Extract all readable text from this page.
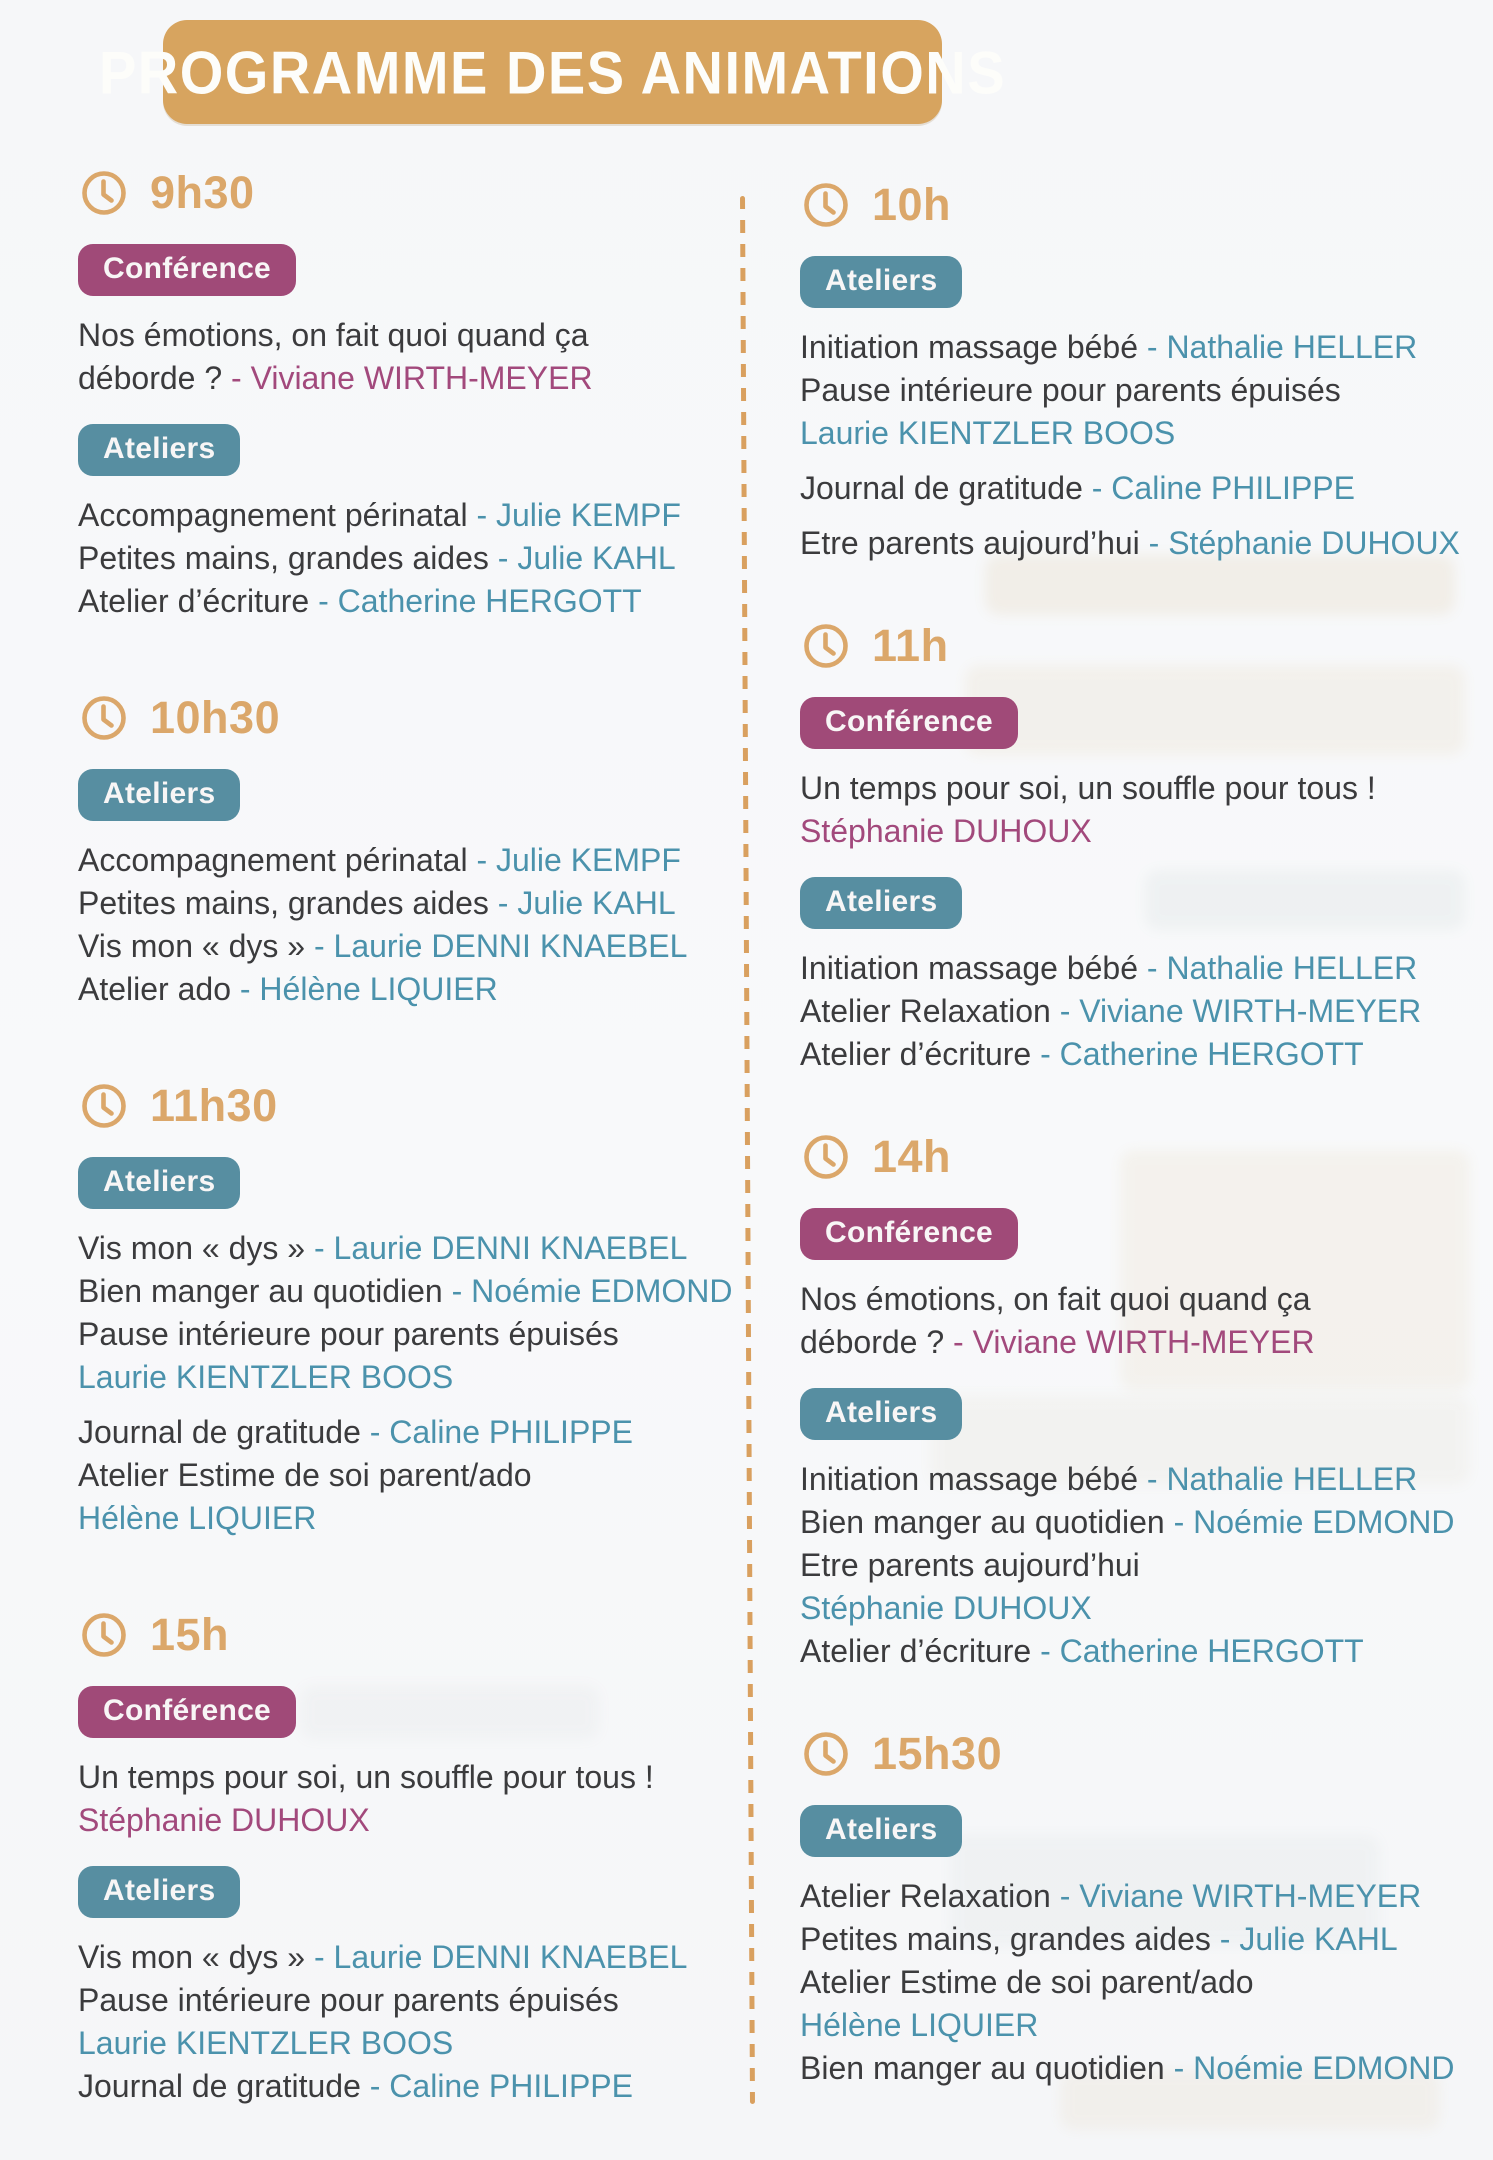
PROGRAMME DES ANIMATIONS
9h30
Conférence
Nos émotions, on fait quoi quand ça
déborde ? - Viviane WIRTH-MEYER
Ateliers
Accompagnement périnatal - Julie KEMPF
Petites mains, grandes aides - Julie KAHL
Atelier d’écriture - Catherine HERGOTT
10h30
Ateliers
Accompagnement périnatal - Julie KEMPF
Petites mains, grandes aides - Julie KAHL
Vis mon « dys » - Laurie DENNI KNAEBEL
Atelier ado - Hélène LIQUIER
11h30
Ateliers
Vis mon « dys » - Laurie DENNI KNAEBEL
Bien manger au quotidien - Noémie EDMOND
Pause intérieure pour parents épuisés
Laurie KIENTZLER BOOS
Journal de gratitude - Caline PHILIPPE
Atelier Estime de soi parent/ado
Hélène LIQUIER
15h
Conférence
Un temps pour soi, un souffle pour tous !
Stéphanie DUHOUX
Ateliers
Vis mon « dys » - Laurie DENNI KNAEBEL
Pause intérieure pour parents épuisés
Laurie KIENTZLER BOOS
Journal de gratitude - Caline PHILIPPE
10h
Ateliers
Initiation massage bébé - Nathalie HELLER
Pause intérieure pour parents épuisés
Laurie KIENTZLER BOOS
Journal de gratitude - Caline PHILIPPE
Etre parents aujourd’hui - Stéphanie DUHOUX
11h
Conférence
Un temps pour soi, un souffle pour tous !
Stéphanie DUHOUX
Ateliers
Initiation massage bébé - Nathalie HELLER
Atelier Relaxation - Viviane WIRTH-MEYER
Atelier d’écriture - Catherine HERGOTT
14h
Conférence
Nos émotions, on fait quoi quand ça
déborde ? - Viviane WIRTH-MEYER
Ateliers
Initiation massage bébé - Nathalie HELLER
Bien manger au quotidien - Noémie EDMOND
Etre parents aujourd’hui
Stéphanie DUHOUX
Atelier d’écriture - Catherine HERGOTT
15h30
Ateliers
Atelier Relaxation - Viviane WIRTH-MEYER
Petites mains, grandes aides - Julie KAHL
Atelier Estime de soi parent/ado
Hélène LIQUIER
Bien manger au quotidien - Noémie EDMOND
